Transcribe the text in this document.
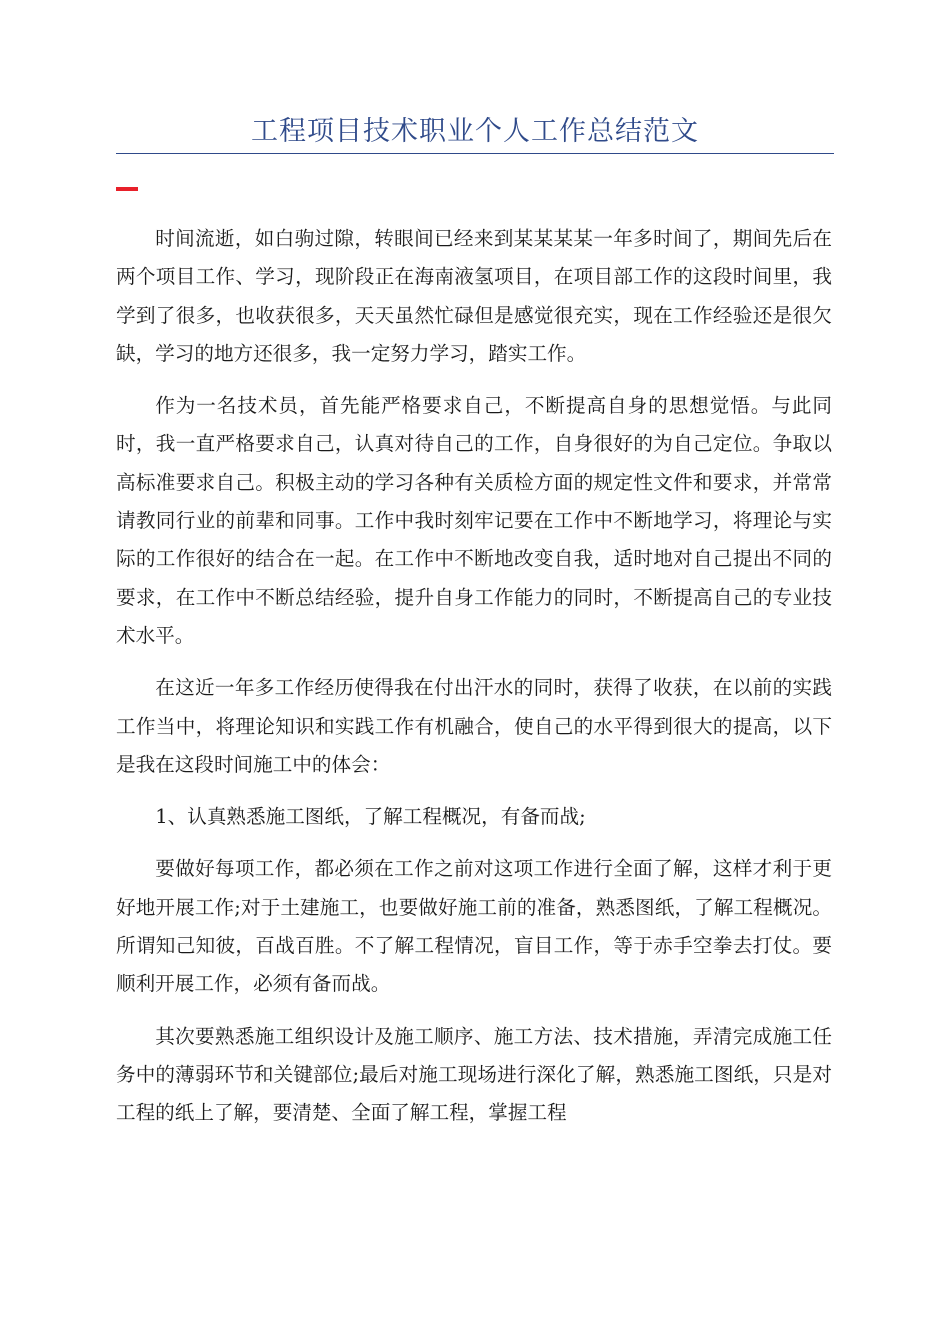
工程项目技术职业个人工作总结范文

时间流逝，如白驹过隙，转眼间已经来到某某某某一年多时间了，期间先后在两个项目工作、学习，现阶段正在海南液氢项目，在项目部工作的这段时间里，我学到了很多，也收获很多，天天虽然忙碌但是感觉很充实，现在工作经验还是很欠缺，学习的地方还很多，我一定努力学习，踏实工作。

作为一名技术员，首先能严格要求自己，不断提高自身的思想觉悟。与此同时，我一直严格要求自己，认真对待自己的工作，自身很好的为自己定位。争取以高标准要求自己。积极主动的学习各种有关质检方面的规定性文件和要求，并常常请教同行业的前辈和同事。工作中我时刻牢记要在工作中不断地学习，将理论与实际的工作很好的结合在一起。在工作中不断地改变自我，适时地对自己提出不同的要求，在工作中不断总结经验，提升自身工作能力的同时，不断提高自己的专业技术水平。

在这近一年多工作经历使得我在付出汗水的同时，获得了收获，在以前的实践工作当中，将理论知识和实践工作有机融合，使自己的水平得到很大的提高，以下是我在这段时间施工中的体会：

1、认真熟悉施工图纸，了解工程概况，有备而战;

要做好每项工作，都必须在工作之前对这项工作进行全面了解，这样才利于更好地开展工作;对于土建施工，也要做好施工前的准备，熟悉图纸，了解工程概况。所谓知己知彼，百战百胜。不了解工程情况，盲目工作，等于赤手空拳去打仗。要顺利开展工作，必须有备而战。

其次要熟悉施工组织设计及施工顺序、施工方法、技术措施，弄清完成施工任务中的薄弱环节和关键部位;最后对施工现场进行深化了解，熟悉施工图纸，只是对工程的纸上了解，要清楚、全面了解工程，掌握工程
